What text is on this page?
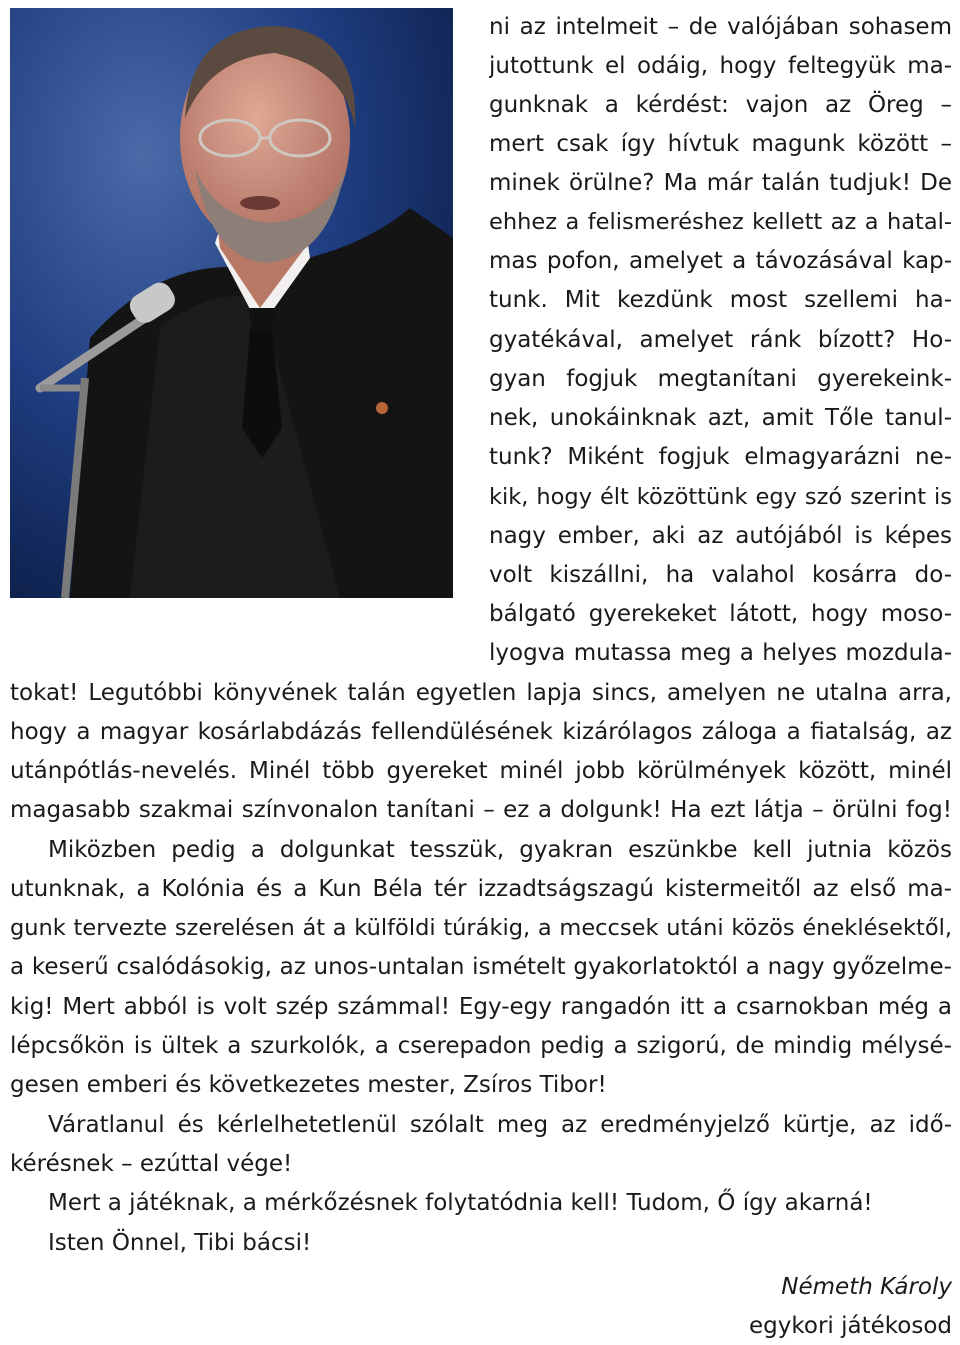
ni az intelmeit – de valójában sohasem
jutottunk el odáig, hogy feltegyük ma-
gunknak a kérdést: vajon az Öreg –
mert csak így hívtuk magunk között –
minek örülne? Ma már talán tudjuk! De
ehhez a felismeréshez kellett az a hatal-
mas pofon, amelyet a távozásával kap-
tunk. Mit kezdünk most szellemi ha-
gyatékával, amelyet ránk bízott? Ho-
gyan fogjuk megtanítani gyerekeink-
nek, unokáinknak azt, amit Tőle tanul-
tunk? Miként fogjuk elmagyarázni ne-
kik, hogy élt közöttünk egy szó szerint is
nagy ember, aki az autójából is képes
volt kiszállni, ha valahol kosárra do-
bálgató gyerekeket látott, hogy moso-
lyogva mutassa meg a helyes mozdula-
tokat! Legutóbbi könyvének talán egyetlen lapja sincs, amelyen ne utalna arra,
hogy a magyar kosárlabdázás fellendülésének kizárólagos záloga a fiatalság, az
utánpótlás-nevelés. Minél több gyereket minél jobb körülmények között, minél
magasabb szakmai színvonalon tanítani – ez a dolgunk! Ha ezt látja – örülni fog!
Miközben pedig a dolgunkat tesszük, gyakran eszünkbe kell jutnia közös
utunknak, a Kolónia és a Kun Béla tér izzadtságszagú kistermeitől az első ma-
gunk tervezte szerelésen át a külföldi túrákig, a meccsek utáni közös éneklésektől,
a keserű csalódásokig, az unos-untalan ismételt gyakorlatoktól a nagy győzelme-
kig! Mert abból is volt szép számmal! Egy-egy rangadón itt a csarnokban még a
lépcsőkön is ültek a szurkolók, a cserepadon pedig a szigorú, de mindig mélysé-
gesen emberi és következetes mester, Zsíros Tibor!
Váratlanul és kérlelhetetlenül szólalt meg az eredményjelző kürtje, az idő-
kérésnek – ezúttal vége!
Mert a játéknak, a mérkőzésnek folytatódnia kell! Tudom, Ő így akarná!
Isten Önnel, Tibi bácsi!
Németh Károly
egykori játékosod
